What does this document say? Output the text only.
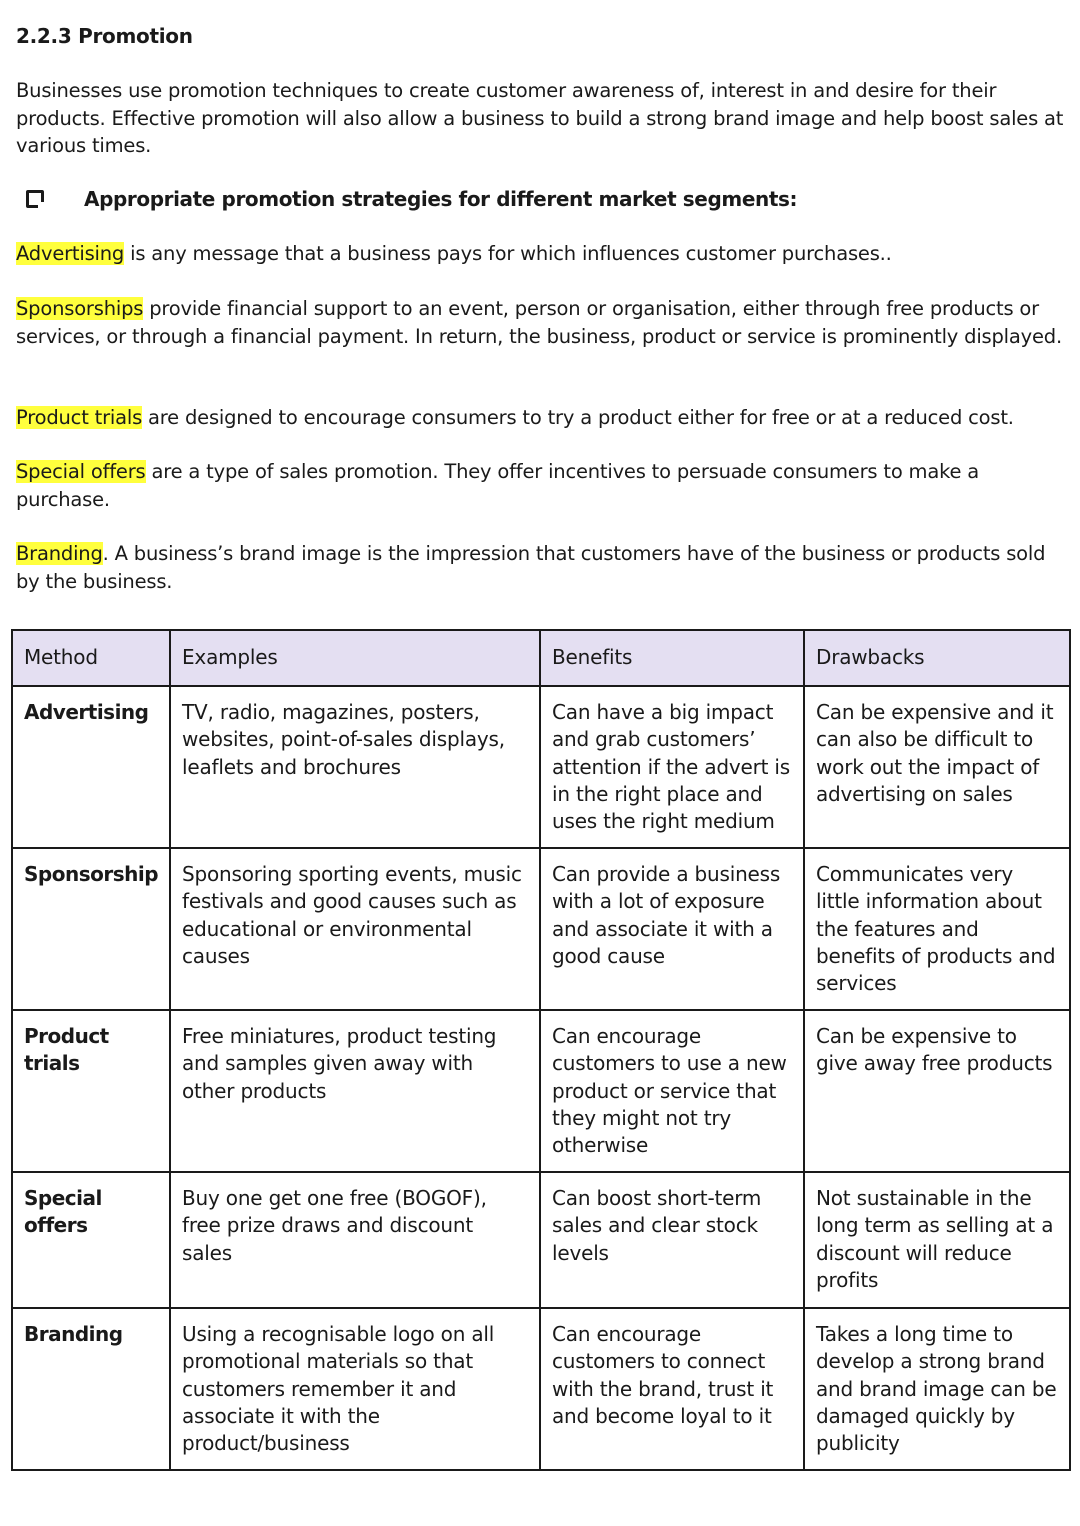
2.2.3 Promotion
Businesses use promotion techniques to create customer awareness of, interest in and desire for their products. Effective promotion will also allow a business to build a strong brand image and help boost sales at various times.
Appropriate promotion strategies for different market segments:
Advertising is any message that a business pays for which influences customer purchases..
Sponsorships provide financial support to an event, person or organisation, either through free products or services, or through a financial payment. In return, the business, product or service is prominently displayed.
Product trials are designed to encourage consumers to try a product either for free or at a reduced cost.
Special offers are a type of sales promotion. They offer incentives to persuade consumers to make a purchase.
Branding. A business’s brand image is the impression that customers have of the business or products sold by the business.
Method	Examples	Benefits	Drawbacks
Advertising	TV, radio, magazines, posters, websites, point-of-sales displays, leaflets and brochures	Can have a big impact and grab customers’ attention if the advert is in the right place and uses the right medium	Can be expensive and it can also be difficult to work out the impact of advertising on sales
Sponsorship	Sponsoring sporting events, music festivals and good causes such as educational or environmental causes	Can provide a business with a lot of exposure and associate it with a good cause	Communicates very little information about the features and benefits of products and services
Product trials	Free miniatures, product testing and samples given away with other products	Can encourage customers to use a new product or service that they might not try otherwise	Can be expensive to give away free products
Special offers	Buy one get one free (BOGOF), free prize draws and discount sales	Can boost short-term sales and clear stock levels	Not sustainable in the long term as selling at a discount will reduce profits
Branding	Using a recognisable logo on all promotional materials so that customers remember it and associate it with the product/business	Can encourage customers to connect with the brand, trust it and become loyal to it	Takes a long time to develop a strong brand and brand image can be damaged quickly by publicity
